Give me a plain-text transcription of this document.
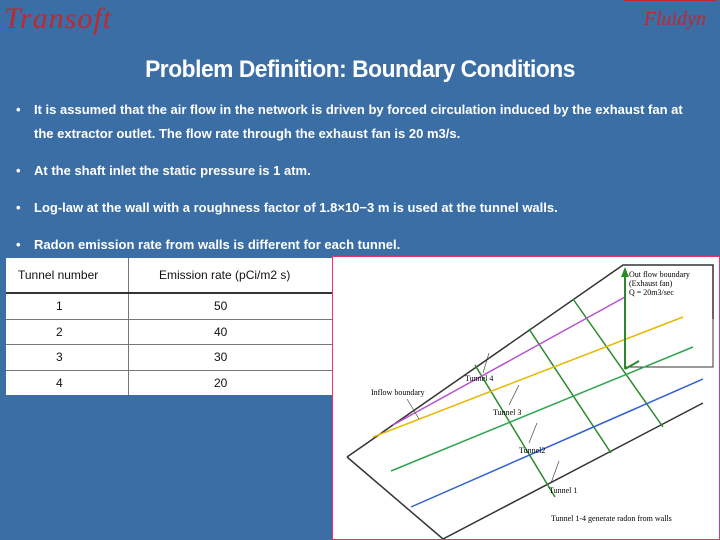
Transoft	Fluidyn
Problem Definition: Boundary Conditions
• It is assumed that the air flow in the network is driven by forced circulation induced by the exhaust fan at the extractor outlet. The flow rate through the exhaust fan is 20 m3/s.
• At the shaft inlet the static pressure is 1 atm.
• Log-law at the wall with a roughness factor of 1.8×10−3 m is used at the tunnel walls.
• Radon emission rate from walls is different for each tunnel.
Tunnel number	Emission rate (pCi/m2 s)
1	50
2	40
3	30
4	20
Out flow boundary
(Exhaust fan)
Q = 20m3/sec
Inflow boundary
Tunnel 4
Tunnel 3
Tunnel2
Tunnel 1
Tunnel 1-4 generate radon from walls
